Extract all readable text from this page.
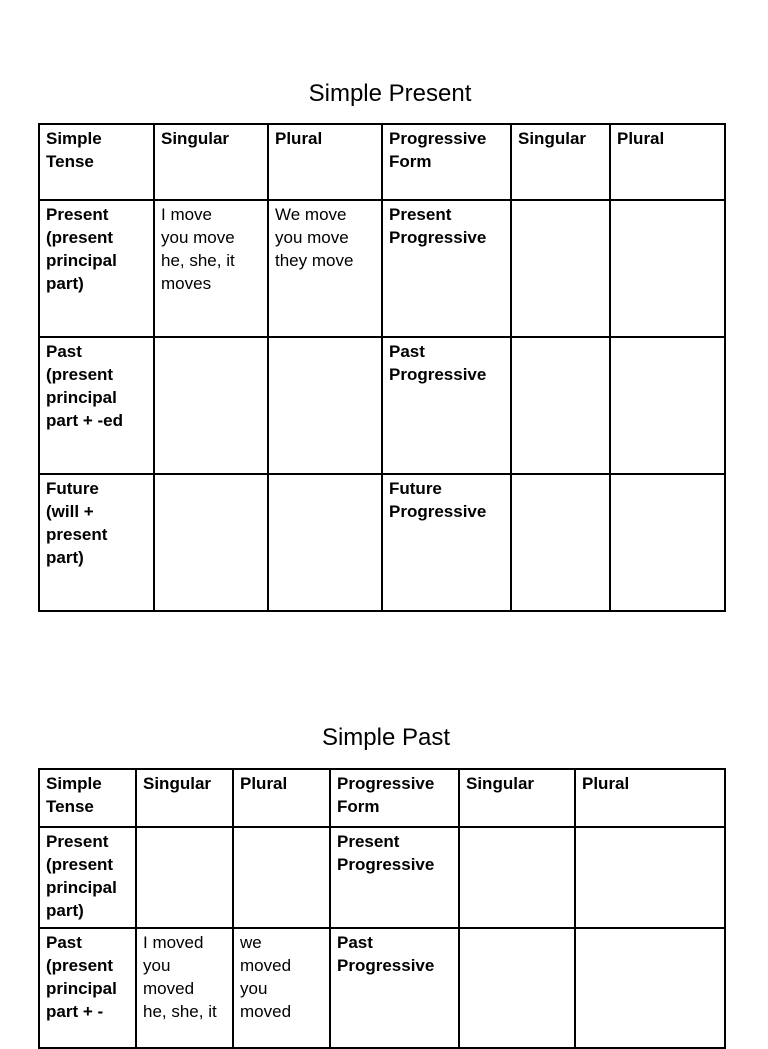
Simple Present
Simple Tense	Singular	Plural	Progressive Form	Singular	Plural

Present
(present
principal
part)	I move
you move
he, she, it
moves	We move
you move
they move	Present
Progressive		

Past
(present
principal
part + -ed			Past
Progressive		

Future
(will +
present
part)			Future
Progressive		

Simple Past
Simple Tense	Singular	Plural	Progressive Form	Singular	Plural

Present
(present
principal
part)			Present
Progressive		

Past
(present
principal
part + -	I moved
you
moved
he, she, it	we
moved
you
moved	Past
Progressive		
